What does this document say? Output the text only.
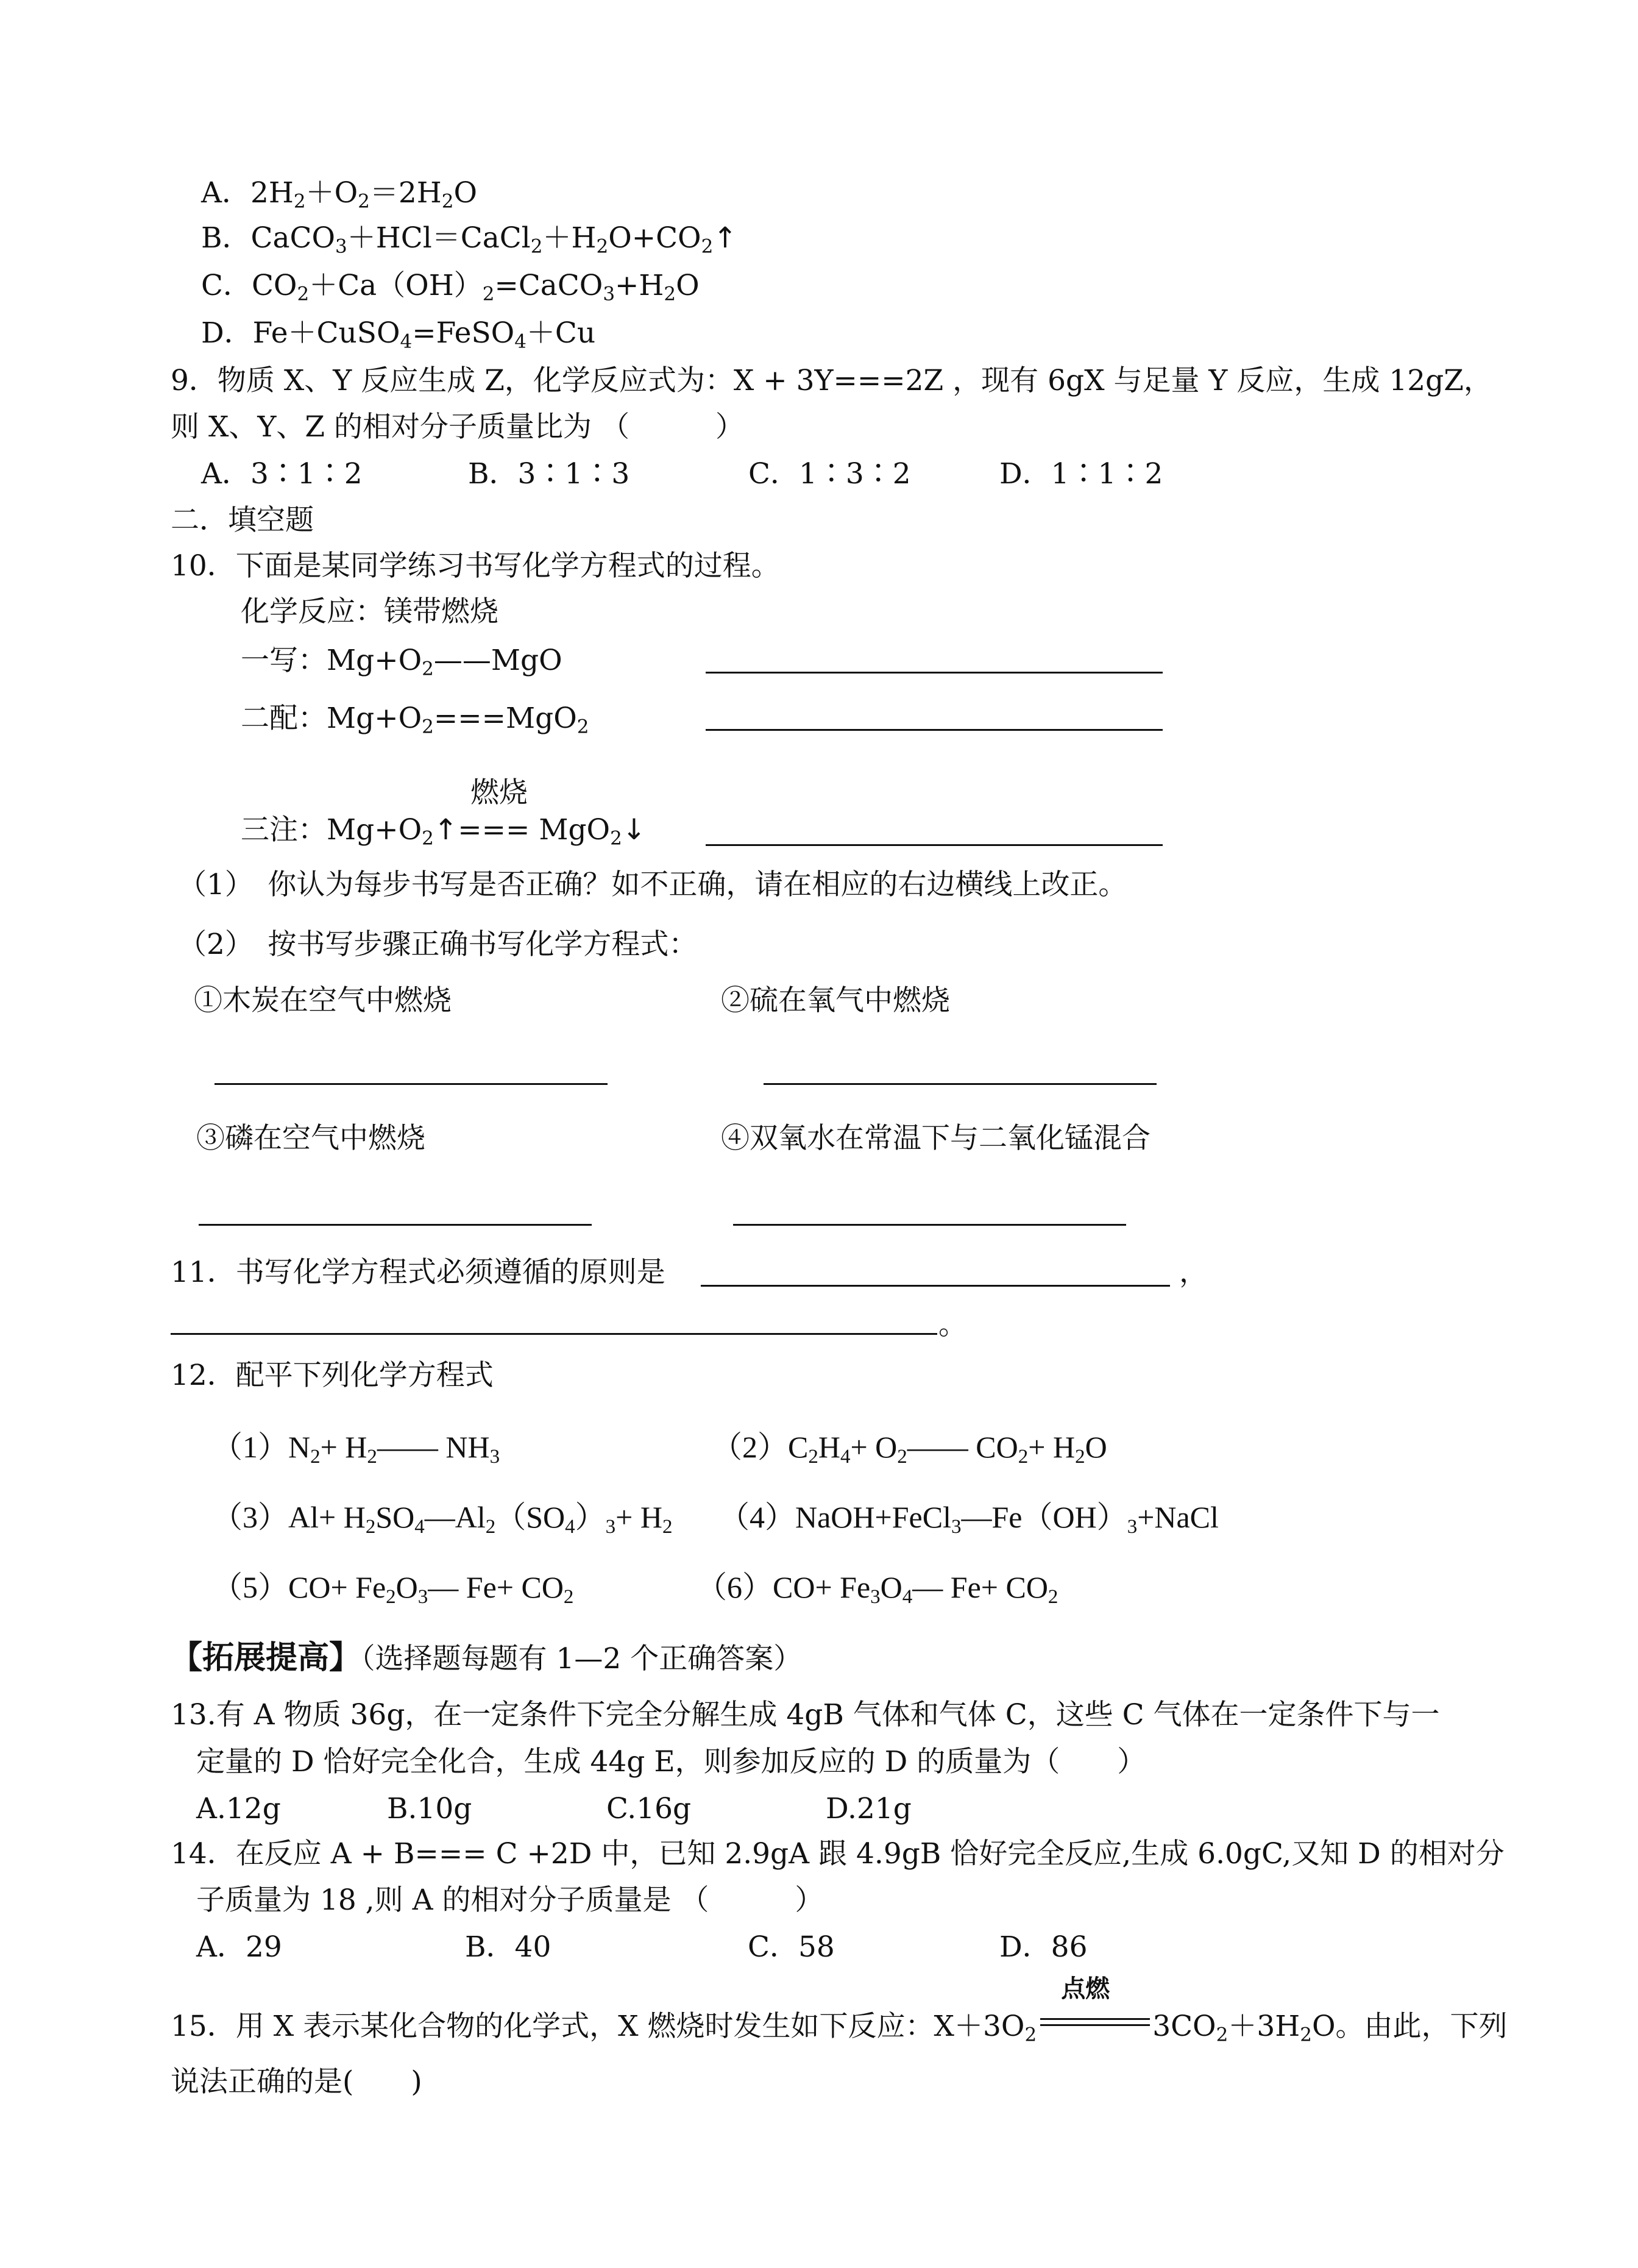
A．$2H_2+O_2=2H_2O$
B．$CaCO_3+HCl=CaCl_2+H_2O+CO_2↑$
C．$CO_2+Ca(OH)_2=CaCO_3+H_2O$
D．Fe＋CuSO$_4$=FeSO$_4$＋Cu
9．物质 X、Y 反应生成 Z，化学反应式为：X + 3Y===2Z ，现有 6gX 与足量 Y 反应，生成 12gZ，
则 X、Y、Z 的相对分子质量比为 （　　　）
A．3∶1∶2	B．3∶1∶3	C．1∶3∶2	D．1∶1∶2
二．填空题
10．下面是某同学练习书写化学方程式的过程。
化学反应：镁带燃烧
一写：$Mg+O_2——MgO$
二配：$Mg+O_2===MgO_2$
燃烧
三注：$Mg+O_2↑===$ MgO$_2$↓
（1）　你认为每步书写是否正确？如不正确，请在相应的右边横线上改正。
（2）　按书写步骤正确书写化学方程式：
①木炭在空气中燃烧	②硫在氧气中燃烧
③磷在空气中燃烧	④双氧水在常温下与二氧化锰混合
11．书写化学方程式必须遵循的原则是	，
。
12．配平下列化学方程式
$(1)N_2+$ $H_2——$ $NH_3$	$(2)C_2H_4+$ $O_2——$ $CO_2+ H_2O$
$(3)Al+ H_2SO_4—Al_2(SO_4)_3+ H_2$ $(4)NaOH+FeCl_3—Fe(OH)_3+NaCl$
$(5)CO+ Fe_2O_3—$ $Fe+ CO_2$	$(6)CO+ Fe_3O_4—$ $Fe+ CO_2$
【拓展提高】（选择题每题有 1—2 个正确答案）
13.有 A 物质 36g，在一定条件下完全分解生成 4gB 气体和气体 C，这些 C 气体在一定条件下与一
定量的 D 恰好完全化合，生成 44g E，则参加反应的 D 的质量为（　　）
A.12g	B.10g	C.16g	D.21g
14．在反应 A + B=== C +2D 中，已知 2.9gA 跟 4.9gB 恰好完全反应,生成 6.0gC,又知 D 的相对分
子质量为 18 ,则 A 的相对分子质量是 （　　　）
A．29	B．40	C．58	D．86
15．用 X 表示某化合物的化学式，X 燃烧时发生如下反应：$X+3O_2$
点燃
$3CO_2+3H_2O$。由此，下列
说法正确的是(　　)
